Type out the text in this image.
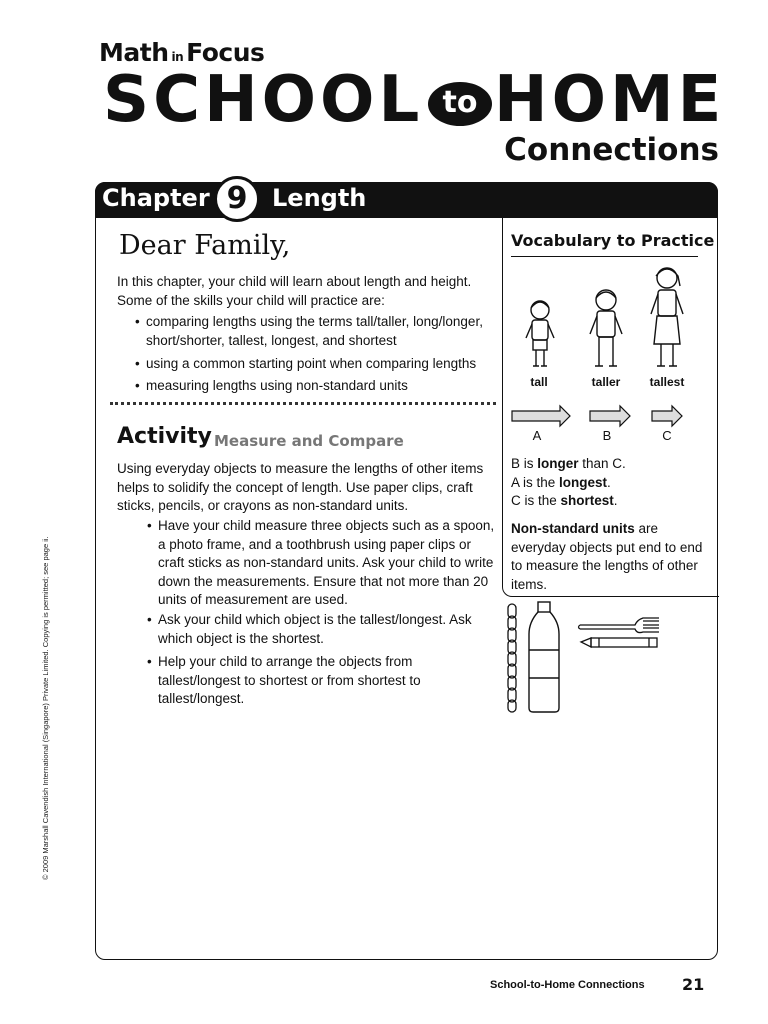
Math in Focus
SCHOOL to HOME
Connections
Chapter 9	Length
Dear Family,
In this chapter, your child will learn about length and height. Some of the skills your child will practice are:
• comparing lengths using the terms tall/taller, long/longer, short/shorter, tallest, longest, and shortest
• using a common starting point when comparing lengths
• measuring lengths using non-standard units
Activity Measure and Compare
Using everyday objects to measure the lengths of other items helps to solidify the concept of length. Use paper clips, craft sticks, pencils, or crayons as non-standard units.
• Have your child measure three objects such as a spoon, a photo frame, and a toothbrush using paper clips or craft sticks as non-standard units. Ask your child to write down the measurements. Ensure that not more than 20 units of measurement are used.
• Ask your child which object is the tallest/longest. Ask which object is the shortest.
• Help your child to arrange the objects from tallest/longest to shortest or from shortest to tallest/longest.
Vocabulary to Practice
tall	taller	tallest
A	B	C
B is longer than C.
A is the longest.
C is the shortest.
Non-standard units are everyday objects put end to end to measure the lengths of other items.
© 2009 Marshall Cavendish International (Singapore) Private Limited. Copying is permitted; see page ii.
School-to-Home Connections 21
